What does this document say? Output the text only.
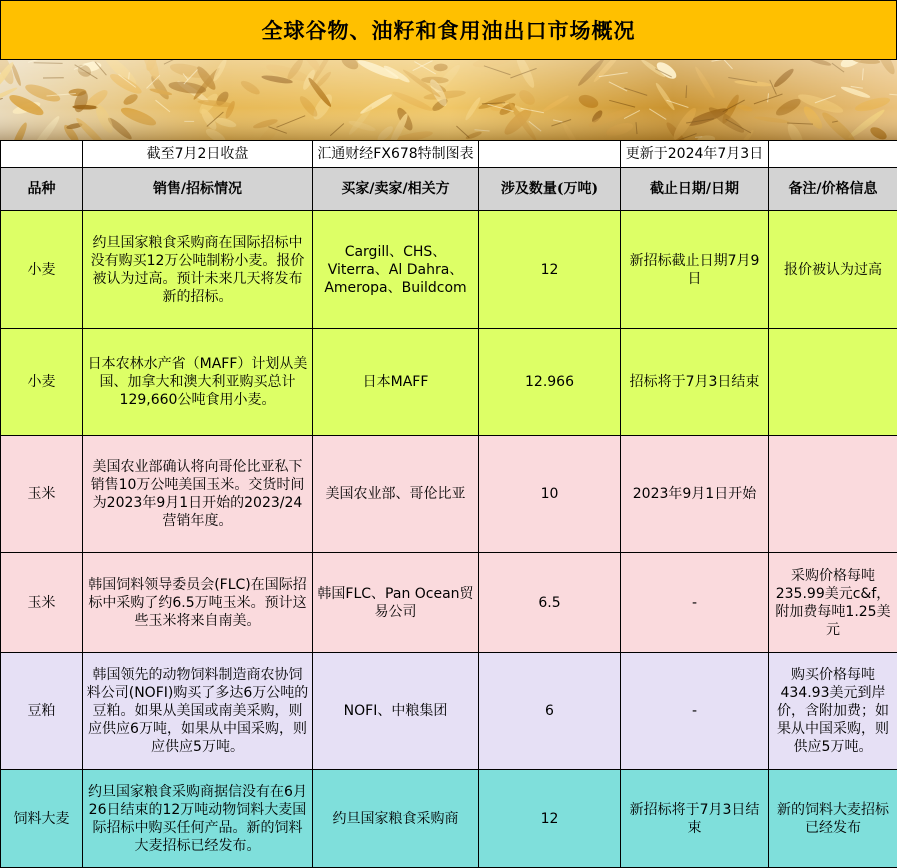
全球谷物、油籽和食用油出口市场概况
	截至7月2日收盘	汇通财经FX678特制图表		更新于2024年7月3日	
品种	销售/招标情况	买家/卖家/相关方	涉及数量(万吨)	截止日期/日期	备注/价格信息
小麦	约旦国家粮食采购商在国际招标中没有购买12万公吨制粉小麦。报价被认为过高。预计未来几天将发布新的招标。	Cargill、CHS、Viterra、Al Dahra、Ameropa、Buildcom	12	新招标截止日期7月9日	报价被认为过高
小麦	日本农林水产省（MAFF）计划从美国、加拿大和澳大利亚购买总计129,660公吨食用小麦。	日本MAFF	12.966	招标将于7月3日结束	
玉米	美国农业部确认将向哥伦比亚私下销售10万公吨美国玉米。交货时间为2023年9月1日开始的2023/24营销年度。	美国农业部、哥伦比亚	10	2023年9月1日开始	
玉米	韩国饲料领导委员会(FLC)在国际招标中采购了约6.5万吨玉米。预计这些玉米将来自南美。	韩国FLC、Pan Ocean贸易公司	6.5	-	采购价格每吨235.99美元c&f，附加费每吨1.25美元
豆粕	韩国领先的动物饲料制造商农协饲料公司(NOFI)购买了多达6万公吨的豆粕。如果从美国或南美采购，则应供应6万吨，如果从中国采购，则应供应5万吨。	NOFI、中粮集团	6	-	购买价格每吨434.93美元到岸价，含附加费；如果从中国采购，则供应5万吨。
饲料大麦	约旦国家粮食采购商据信没有在6月26日结束的12万吨动物饲料大麦国际招标中购买任何产品。新的饲料大麦招标已经发布。	约旦国家粮食采购商	12	新招标将于7月3日结束	新的饲料大麦招标已经发布
